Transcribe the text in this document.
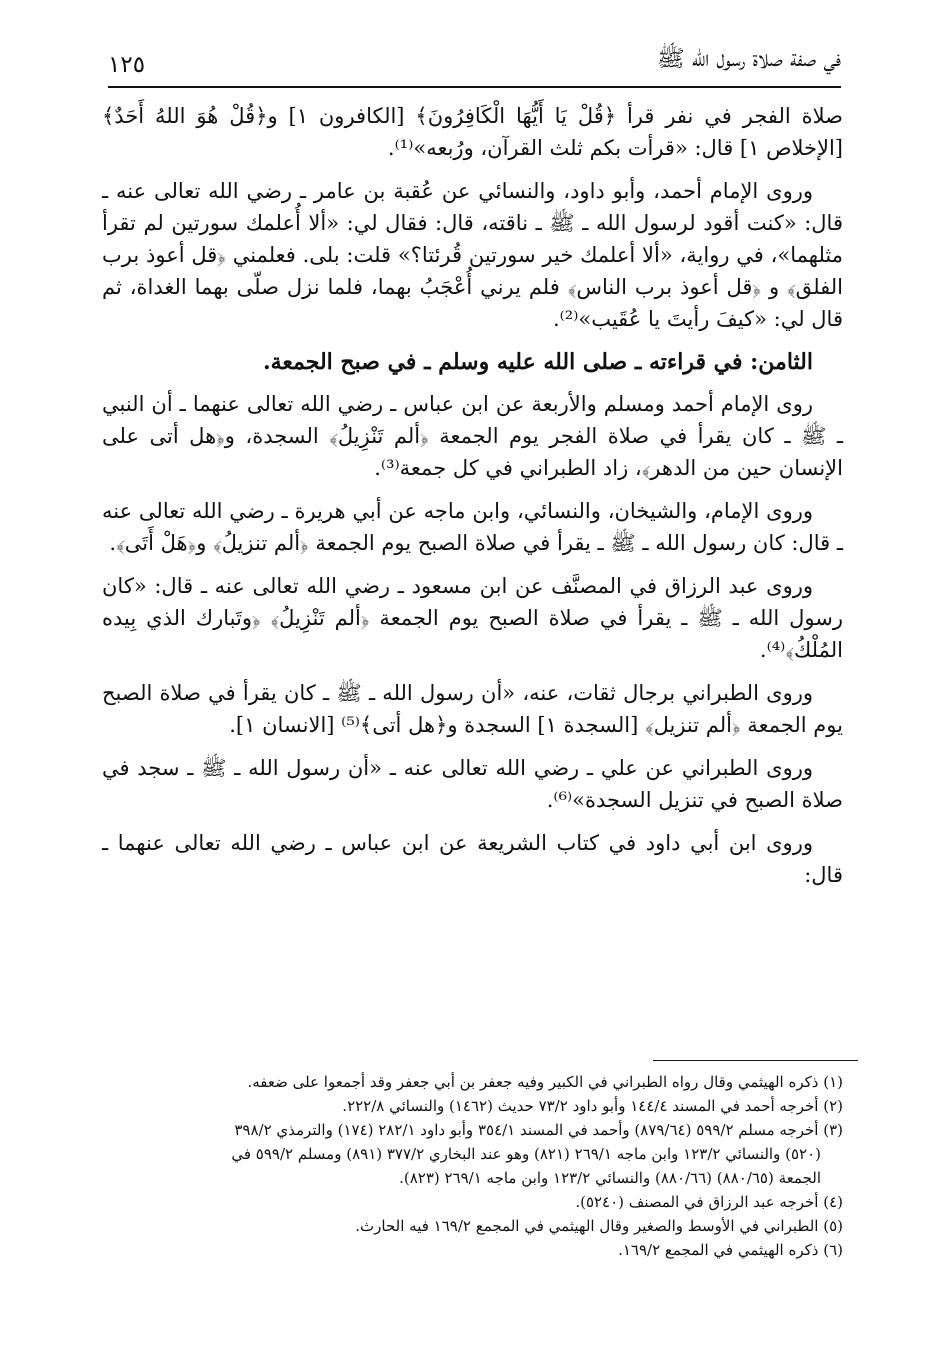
١٢٥	في صفة صلاة رسول الله ﷺ

صلاة الفجر في نفر قرأ ﴿قُلْ يَا أَيُّهَا الْكَافِرُونَ﴾ [الكافرون ١] و﴿قُلْ هُوَ اللهُ أَحَدٌ﴾ [الإخلاص ١] قال: «قرأت بكم ثلث القرآن، ورُبعه»⁽¹⁾.

وروى الإمام أحمد، وأبو داود، والنسائي عن عُقبة بن عامر ـ رضي الله تعالى عنه ـ قال: «كنت أقود لرسول الله ـ ﷺ ـ ناقته، قال: فقال لي: «ألا أُعلمك سورتين لم تقرأ مثلهما»، في رواية، «ألا أعلمك خير سورتين قُرئتا؟» قلت: بلى. فعلمني ﴿قل أعوذ برب الفلق﴾ و ﴿قل أعوذ برب الناس﴾ فلم يرني أُعْجَبُ بهما، فلما نزل صلّى بهما الغداة، ثم قال لي: «كيفَ رأيتَ يا عُقَيب»⁽²⁾.

الثامن: في قراءته ـ صلى الله عليه وسلم ـ في صبح الجمعة.

روى الإمام أحمد ومسلم والأربعة عن ابن عباس ـ رضي الله تعالى عنهما ـ أن النبي ـ ﷺ ـ كان يقرأ في صلاة الفجر يوم الجمعة ﴿ألم تَنْزِيلُ﴾ السجدة، و﴿هل أتى على الإنسان حين من الدهر﴾، زاد الطبراني في كل جمعة⁽³⁾.

وروى الإمام، والشيخان، والنسائي، وابن ماجه عن أبي هريرة ـ رضي الله تعالى عنه ـ قال: كان رسول الله ـ ﷺ ـ يقرأ في صلاة الصبح يوم الجمعة ﴿ألم تنزيلُ﴾ و﴿هَلْ أَتَى﴾.

وروى عبد الرزاق في المصنَّف عن ابن مسعود ـ رضي الله تعالى عنه ـ قال: «كان رسول الله ـ ﷺ ـ يقرأ في صلاة الصبح يوم الجمعة ﴿ألم تَنْزِيلُ﴾ ﴿وتَبارك الذي بِيده المُلْكُ﴾⁽⁴⁾.

وروى الطبراني برجال ثقات، عنه، «أن رسول الله ـ ﷺ ـ كان يقرأ في صلاة الصبح يوم الجمعة ﴿ألم تنزيل﴾ [السجدة ١] السجدة و﴿هل أتى﴾⁽⁵⁾ [الانسان ١].

وروى الطبراني عن علي ـ رضي الله تعالى عنه ـ «أن رسول الله ـ ﷺ ـ سجد في صلاة الصبح في تنزيل السجدة»⁽⁶⁾.

وروى ابن أبي داود في كتاب الشريعة عن ابن عباس ـ رضي الله تعالى عنهما ـ قال:

(١) ذكره الهيثمي وقال رواه الطبراني في الكبير وفيه جعفر بن أبي جعفر وقد أجمعوا على ضعفه.
(٢) أخرجه أحمد في المسند ١٤٤/٤ وأبو داود ٧٣/٢ حديث (١٤٦٢) والنسائي ٢٢٢/٨.
(٣) أخرجه مسلم ٥٩٩/٢ (٨٧٩/٦٤) وأحمد في المسند ٣٥٤/١ وأبو داود ٢٨٢/١ (١٧٤) والترمذي ٣٩٨/٢
(٥٢٠) والنسائي ١٢٣/٢ وابن ماجه ٢٦٩/١ (٨٢١) وهو عند البخاري ٣٧٧/٢ (٨٩١) ومسلم ٥٩٩/٢ في
الجمعة (٨٨٠/٦٥) (٨٨٠/٦٦) والنسائي ١٢٣/٢ وابن ماجه ٢٦٩/١ (٨٢٣).
(٤) أخرجه عبد الرزاق في المصنف (٥٢٤٠).
(٥) الطبراني في الأوسط والصغير وقال الهيثمي في المجمع ١٦٩/٢ فيه الحارث.
(٦) ذكره الهيثمي في المجمع ١٦٩/٢.
